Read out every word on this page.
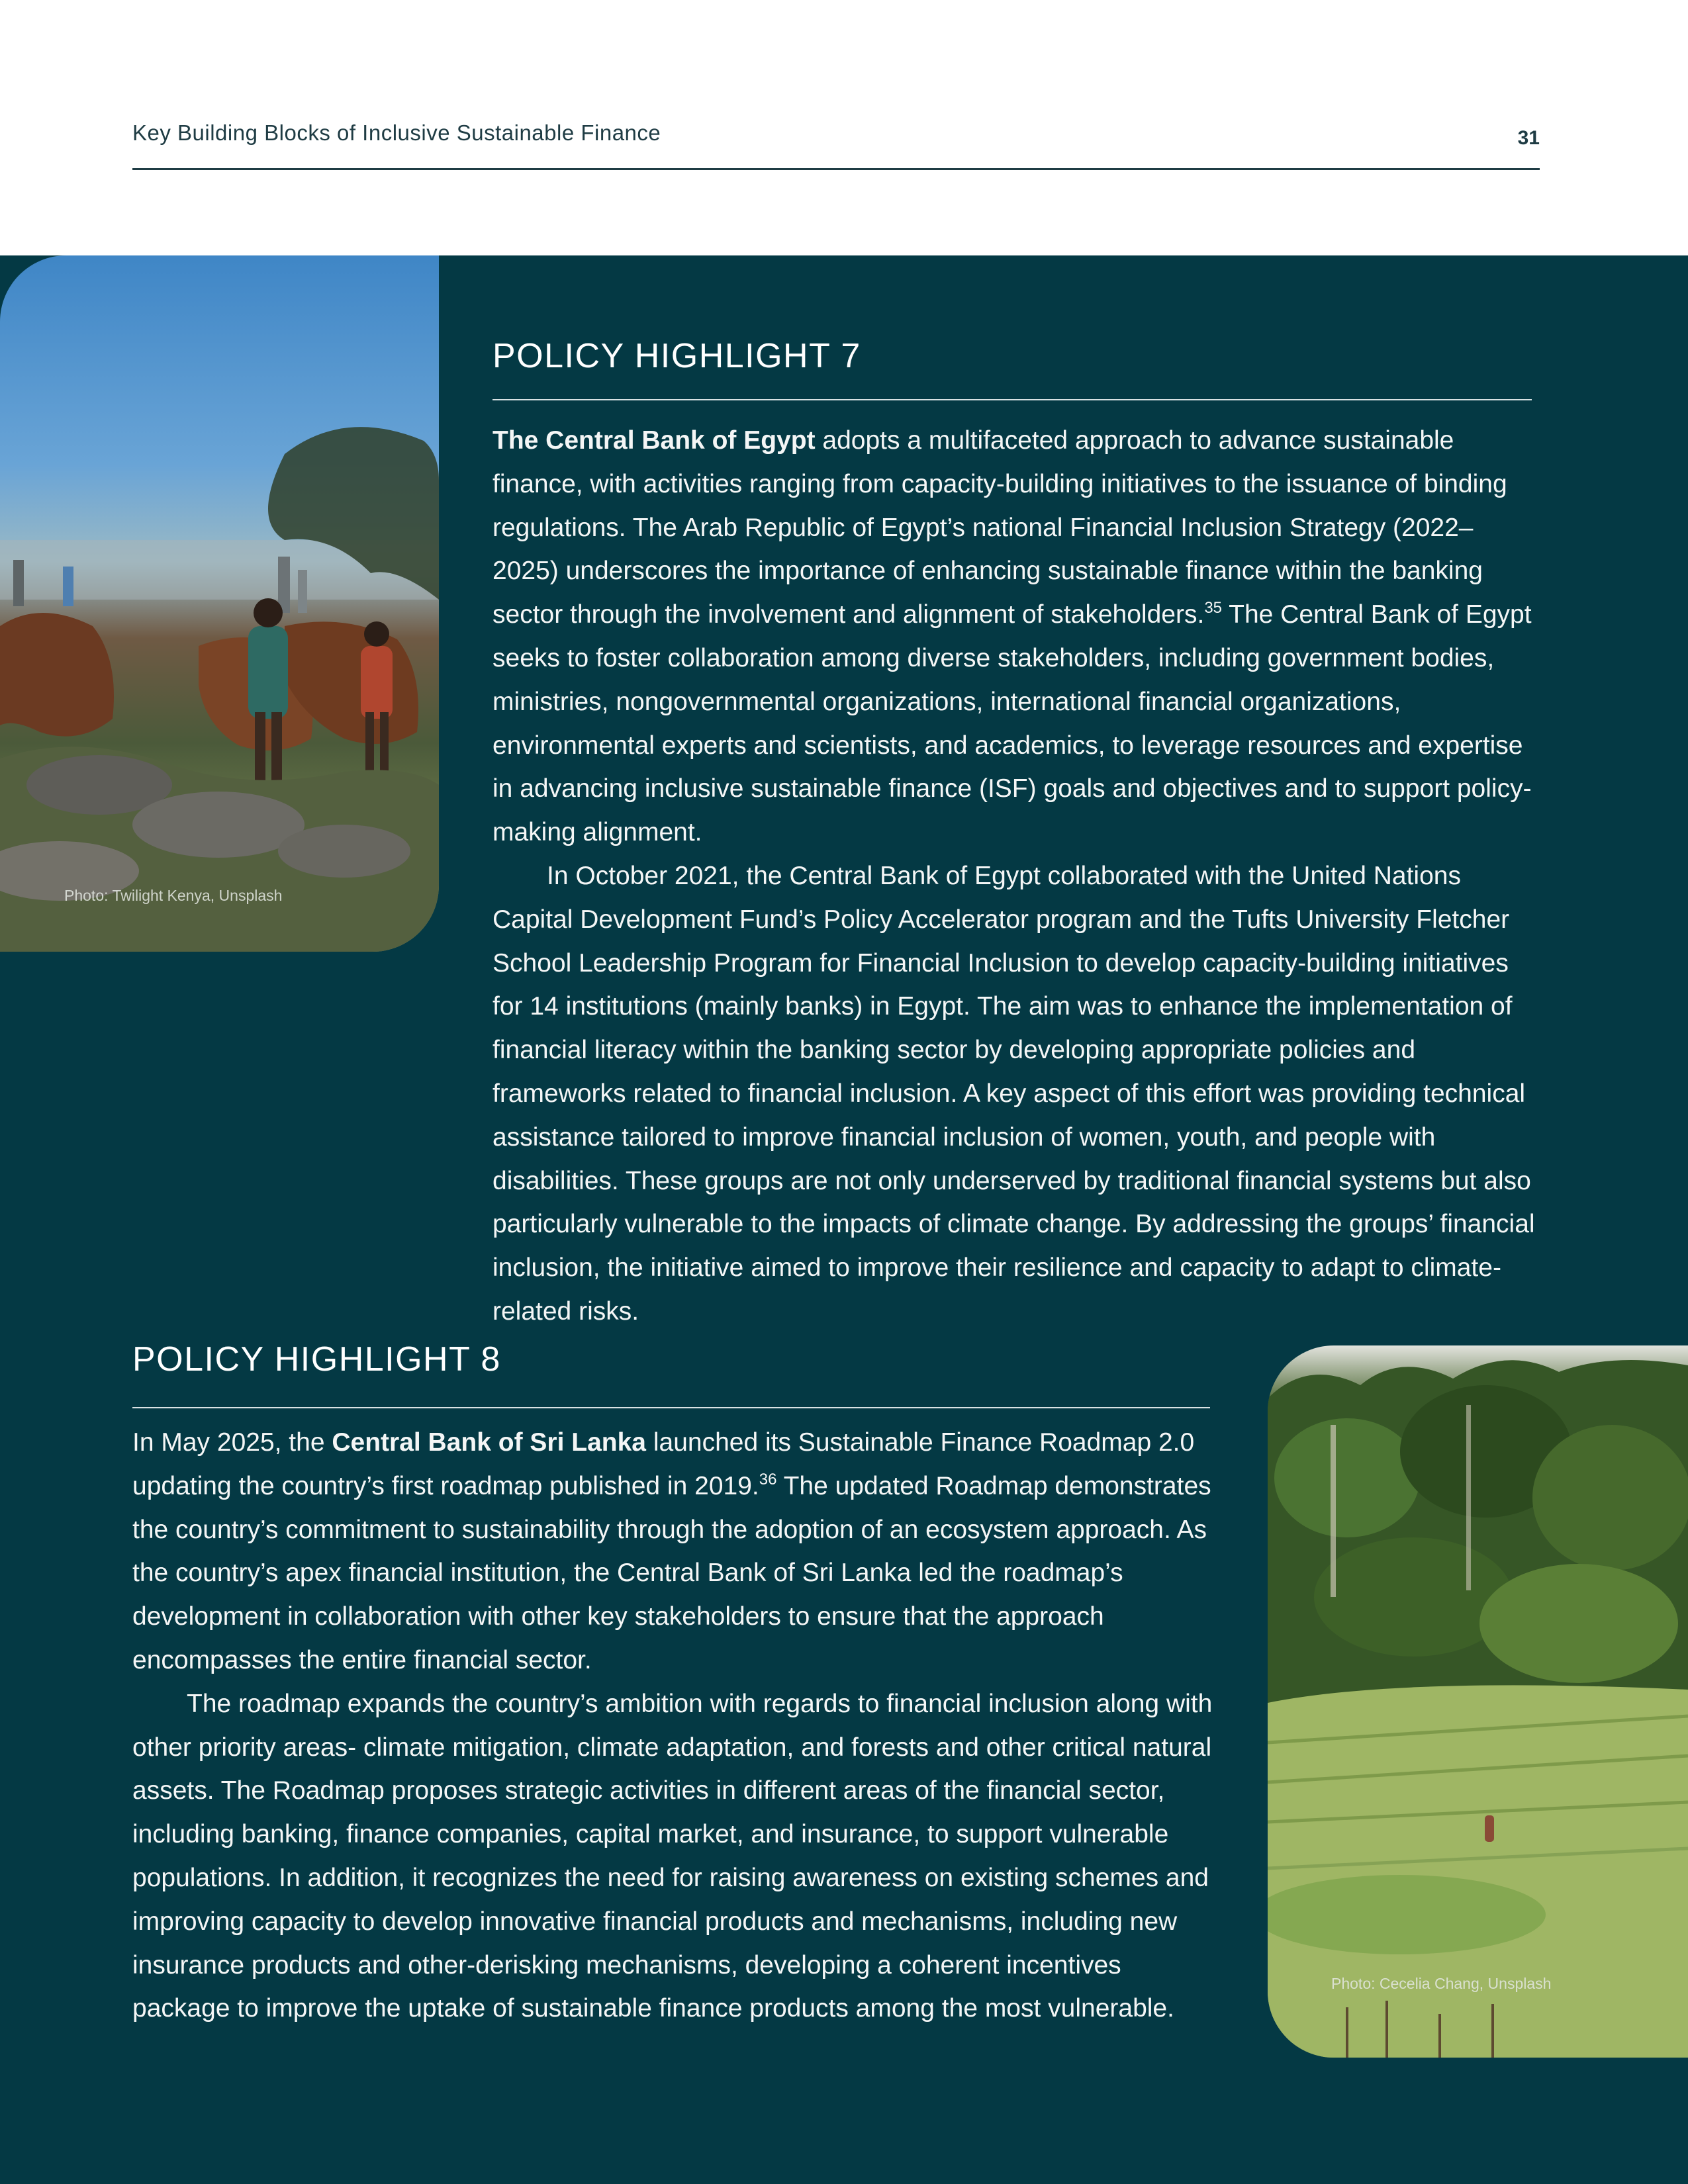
Key Building Blocks of Inclusive Sustainable Finance	31
Photo: Twilight Kenya, Unsplash
POLICY HIGHLIGHT 7

The Central Bank of Egypt adopts a multifaceted approach to advance sustainable finance, with activities ranging from capacity-building initiatives to the issuance of binding regulations. The Arab Republic of Egypt’s national Financial Inclusion Strategy (2022–2025) underscores the importance of enhancing sustainable finance within the banking sector through the involvement and alignment of stakeholders.$^{35}$ The Central Bank of Egypt seeks to foster collaboration among diverse stakeholders, including government bodies, ministries, nongovernmental organizations, international financial organizations, environmental experts and scientists, and academics, to leverage resources and expertise in advancing inclusive sustainable finance (ISF) goals and objectives and to support policy-making alignment.

In October 2021, the Central Bank of Egypt collaborated with the United Nations Capital Development Fund’s Policy Accelerator program and the Tufts University Fletcher School Leadership Program for Financial Inclusion to develop capacity-building initiatives for 14 institutions (mainly banks) in Egypt. The aim was to enhance the implementation of financial literacy within the banking sector by developing appropriate policies and frameworks related to financial inclusion. A key aspect of this effort was providing technical assistance tailored to improve financial inclusion of women, youth, and people with disabilities. These groups are not only underserved by traditional financial systems but also particularly vulnerable to the impacts of climate change. By addressing the groups’ financial inclusion, the initiative aimed to improve their resilience and capacity to adapt to climate-related risks.

POLICY HIGHLIGHT 8

In May 2025, the Central Bank of Sri Lanka launched its Sustainable Finance Roadmap 2.0 updating the country’s first roadmap published in 2019.36 The updated Roadmap demonstrates the country’s commitment to sustainability through the adoption of an ecosystem approach. As the country’s apex financial institution, the Central Bank of Sri Lanka led the roadmap’s development in collaboration with other key stakeholders to ensure that the approach encompasses the entire financial sector.

The roadmap expands the country’s ambition with regards to financial inclusion along with other priority areas- climate mitigation, climate adaptation, and forests and other critical natural assets. The Roadmap proposes strategic activities in different areas of the financial sector, including banking, finance companies, capital market, and insurance, to support vulnerable populations. In addition, it recognizes the need for raising awareness on existing schemes and improving capacity to develop innovative financial products and mechanisms, including new insurance products and other-derisking mechanisms, developing a coherent incentives package to improve the uptake of sustainable finance products among the most vulnerable.

Photo: Cecelia Chang, Unsplash
